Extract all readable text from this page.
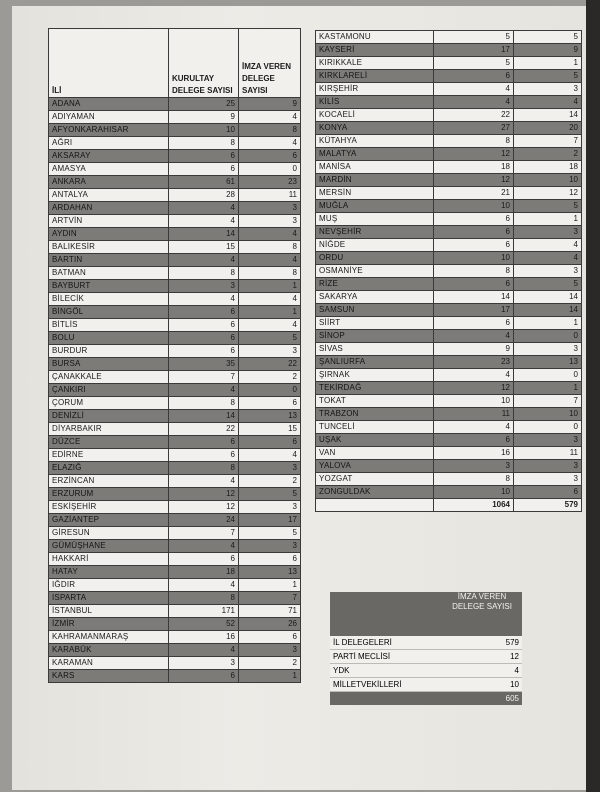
İLİ	KURULTAY DELEGE SAYISI	İMZA VEREN DELEGE SAYISI

ADANA	25	9
ADIYAMAN	9	4
AFYONKARAHISAR	10	8
AĞRI	8	4
AKSARAY	6	6
AMASYA	6	0
ANKARA	61	23
ANTALYA	28	11
ARDAHAN	4	3
ARTVİN	4	3
AYDIN	14	4
BALIKESİR	15	8
BARTIN	4	4
BATMAN	8	8
BAYBURT	3	1
BİLECİK	4	4
BİNGÖL	6	1
BİTLİS	6	4
BOLU	6	5
BURDUR	6	3
BURSA	35	22
ÇANAKKALE	7	2
ÇANKIRI	4	0
ÇORUM	8	6
DENİZLİ	14	13
DİYARBAKIR	22	15
DÜZCE	6	6
EDİRNE	6	4
ELAZIĞ	8	3
ERZİNCAN	4	2
ERZURUM	12	5
ESKİŞEHİR	12	3
GAZİANTEP	24	17
GİRESUN	7	5
GÜMÜŞHANE	4	3
HAKKARİ	6	6
HATAY	18	13
IĞDIR	4	1
ISPARTA	8	7
İSTANBUL	171	71
İZMİR	52	26
KAHRAMANMARAŞ	16	6
KARABÜK	4	3
KARAMAN	3	2
KARS	6	1
KASTAMONU	5	5
KAYSERİ	17	9
KIRIKKALE	5	1
KIRKLARELİ	6	5
KIRŞEHİR	4	3
KİLİS	4	4
KOCAELİ	22	14
KONYA	27	20
KÜTAHYA	8	7
MALATYA	12	2
MANİSA	18	18
MARDİN	12	10
MERSİN	21	12
MUĞLA	10	5
MUŞ	6	1
NEVŞEHİR	6	3
NİĞDE	6	4
ORDU	10	4
OSMANİYE	8	3
RİZE	6	5
SAKARYA	14	14
SAMSUN	17	14
SİİRT	6	1
SİNOP	4	0
SİVAS	9	3
ŞANLIURFA	23	13
ŞIRNAK	4	0
TEKİRDAĞ	12	1
TOKAT	10	7
TRABZON	11	10
TUNCELİ	4	0
UŞAK	6	3
VAN	16	11
YALOVA	3	3
YOZGAT	8	3
ZONGULDAK	10	6
	1064	579

	İMZA VEREN DELEGE SAYISI

İL DELEGELERİ	579
PARTİ MECLİSİ	12
YDK	4
MİLLETVEKİLLERİ	10
	605
